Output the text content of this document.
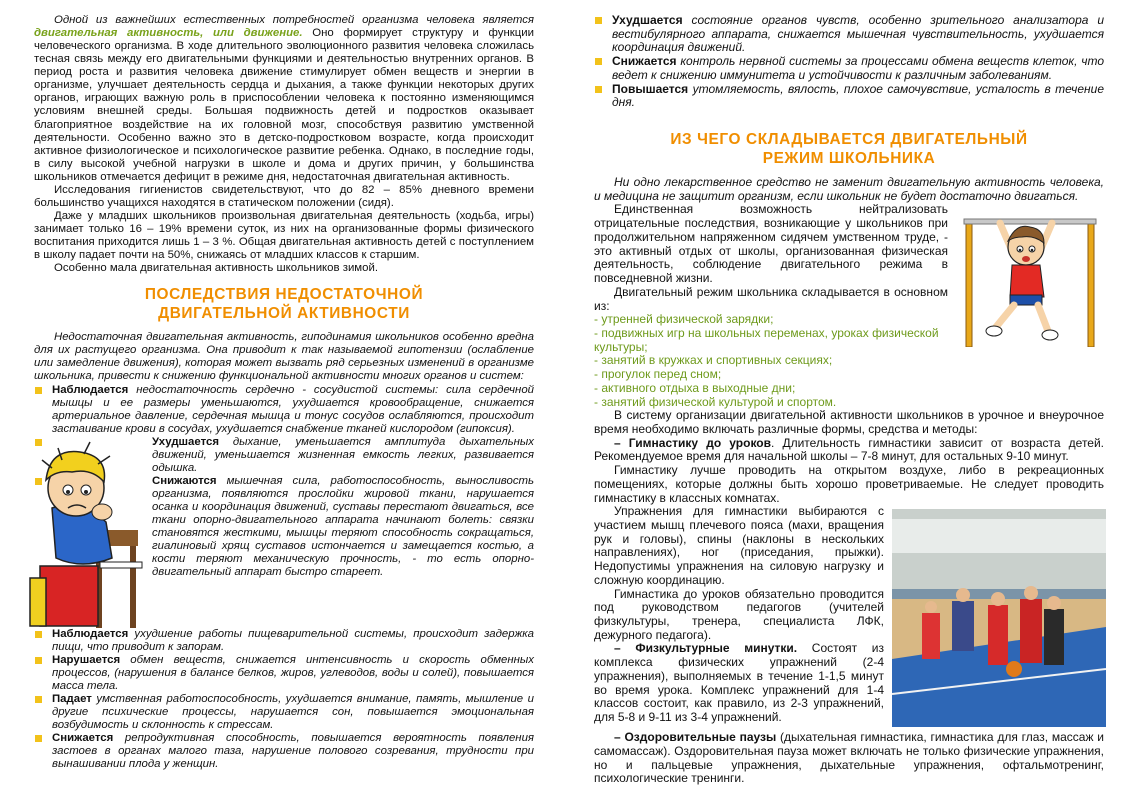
Одной из важнейших естественных потребностей организма человека является двигательная активность, или движение. Оно формирует структуру и функции человеческого организма. В ходе длительного эволюционного развития человека сложилась тесная связь между его двигательными функциями и деятельностью внутренних органов. В период роста и развития человека движение стимулирует обмен веществ и энергии в организме, улучшает деятельность сердца и дыхания, а также функции некоторых других органов, играющих важную роль в приспособлении человека к постоянно изменяющимся условиям внешней среды. Большая подвижность детей и подростков оказывает благоприятное воздействие на их головной мозг, способствуя развитию умственной деятельности. Особенно важно это в детско-подростковом возрасте, когда происходит активное физиологическое и психологическое развитие ребенка. Однако, в последние годы, в силу высокой учебной нагрузки в школе и дома и других причин, у большинства школьников отмечается дефицит в режиме дня, недостаточная двигательная активность.

Исследования гигиенистов свидетельствуют, что до 82 – 85% дневного времени большинство учащихся находятся в статическом положении (сидя).

Даже у младших школьников произвольная двигательная деятельность (ходьба, игры) занимает только 16 – 19% времени суток, из них на организованные формы физического воспитания приходится лишь 1 – 3 %. Общая двигательная активность детей с поступлением в школу падает почти на 50%, снижаясь от младших классов к старшим.

Особенно мала двигательная активность школьников зимой.

ПОСЛЕДСТВИЯ НЕДОСТАТОЧНОЙ
ДВИГАТЕЛЬНОЙ АКТИВНОСТИ

Недостаточная двигательная активность, гиподинамия школьников особенно вредна для их растущего организма. Она приводит к так называемой гипотензии (ослабление или замедление движения), которая может вызвать ряд серьезных изменений в организме школьника, привести к снижению функциональной активности многих органов и систем:

Наблюдается недостаточность сердечно - сосудистой системы: сила сердечной мышцы и ее размеры уменьшаются, ухудшается кровообращение, снижается артериальное давление, сердечная мышца и тонус сосудов ослабляются, происходит застаивание крови в сосудах, ухудшается снабжение тканей кислородом (гипоксия).
Ухудшается дыхание, уменьшается амплитуда дыхательных движений, уменьшается жизненная емкость легких, развивается одышка.
Снижаются мышечная сила, работоспособность, выносливость организма, появляются прослойки жировой ткани, нарушается осанка и координация движений, суставы перестают двигаться, все ткани опорно-двигательного аппарата начинают болеть: связки становятся жесткими, мышцы теряют способность сокращаться, гиалиновый хрящ суставов истончается и замещается костью, а кости теряют механическую прочность, - то есть опорно-двигательный аппарат быстро стареет.
Наблюдается ухудшение работы пищеварительной системы, происходит задержка пищи, что приводит к запорам.
Нарушается обмен веществ, снижается интенсивность и скорость обменных процессов, (нарушения в балансе белков, жиров, углеводов, воды и солей), повышается масса тела.
Падает умственная работоспособность, ухудшается внимание, память, мышление и другие психические процессы, нарушается сон, повышается эмоциональная возбудимость и склонность к стрессам.
Снижается репродуктивная способность, повышается вероятность появления застоев в органах малого таза, нарушение полового созревания, трудности при вынашивании плода у женщин.
Ухудшается состояние органов чувств, особенно зрительного анализатора и вестибулярного аппарата, снижается мышечная чувствительность, ухудшается координация движений.
Снижается контроль нервной системы за процессами обмена веществ клеток, что ведет к снижению иммунитета и устойчивости к различным заболеваниям.
Повышается утомляемость, вялость, плохое самочувствие, усталость в течение дня.
ИЗ ЧЕГО СКЛАДЫВАЕТСЯ ДВИГАТЕЛЬНЫЙ
РЕЖИМ ШКОЛЬНИКА

Ни одно лекарственное средство не заменит двигательную активность человека, и медицина не защитит организм, если школьник не будет достаточно двигаться.

Единственная возможность нейтрализовать отрицательные последствия, возникающие у школьников при продолжительном напряженном сидячем умственном труде, - это активный отдых от школы, организованная физическая деятельность, соблюдение двигательного режима в повседневной жизни.

Двигательный режим школьника складывается в основном из:

- утренней физической зарядки;
- подвижных игр на школьных переменах, уроках физической культуры;
- занятий в кружках и спортивных секциях;
- прогулок перед сном;
- активного отдыха в выходные дни;
- занятий физической культурой и спортом.

В систему организации двигательной активности школьников в урочное и внеурочное время необходимо включать различные формы, средства и методы:

– Гимнастику до уроков. Длительность гимнастики зависит от возраста детей. Рекомендуемое время для начальной школы – 7-8 минут, для остальных 9-10 минут.

Гимнастику лучше проводить на открытом воздухе, либо в рекреационных помещениях, которые должны быть хорошо проветриваемые. Не следует проводить гимнастику в классных комнатах.

Упражнения для гимнастики выбираются с участием мышц плечевого пояса (махи, вращения рук и головы), спины (наклоны в нескольких направлениях), ног (приседания, прыжки). Недопустимы упражнения на силовую нагрузку и сложную координацию.

Гимнастика до уроков обязательно проводится под руководством педагогов (учителей физкультуры, тренера, специалиста ЛФК, дежурного педагога).

– Физкультурные минутки. Состоят из комплекса физических упражнений (2-4 упражнения), выполняемых в течение 1-1,5 минут во время урока. Комплекс упражнений для 1-4 классов состоит, как правило, из 2-3 упражнений, для 5-8 и 9-11 из 3-4 упражнений.

– Оздоровительные паузы (дыхательная гимнастика, гимнастика для глаз, массаж и самомассаж). Оздоровительная пауза может включать не только физические упражнения, но и пальцевые упражнения, дыхательные упражнения, офтальмотренинг, психологические тренинги.
